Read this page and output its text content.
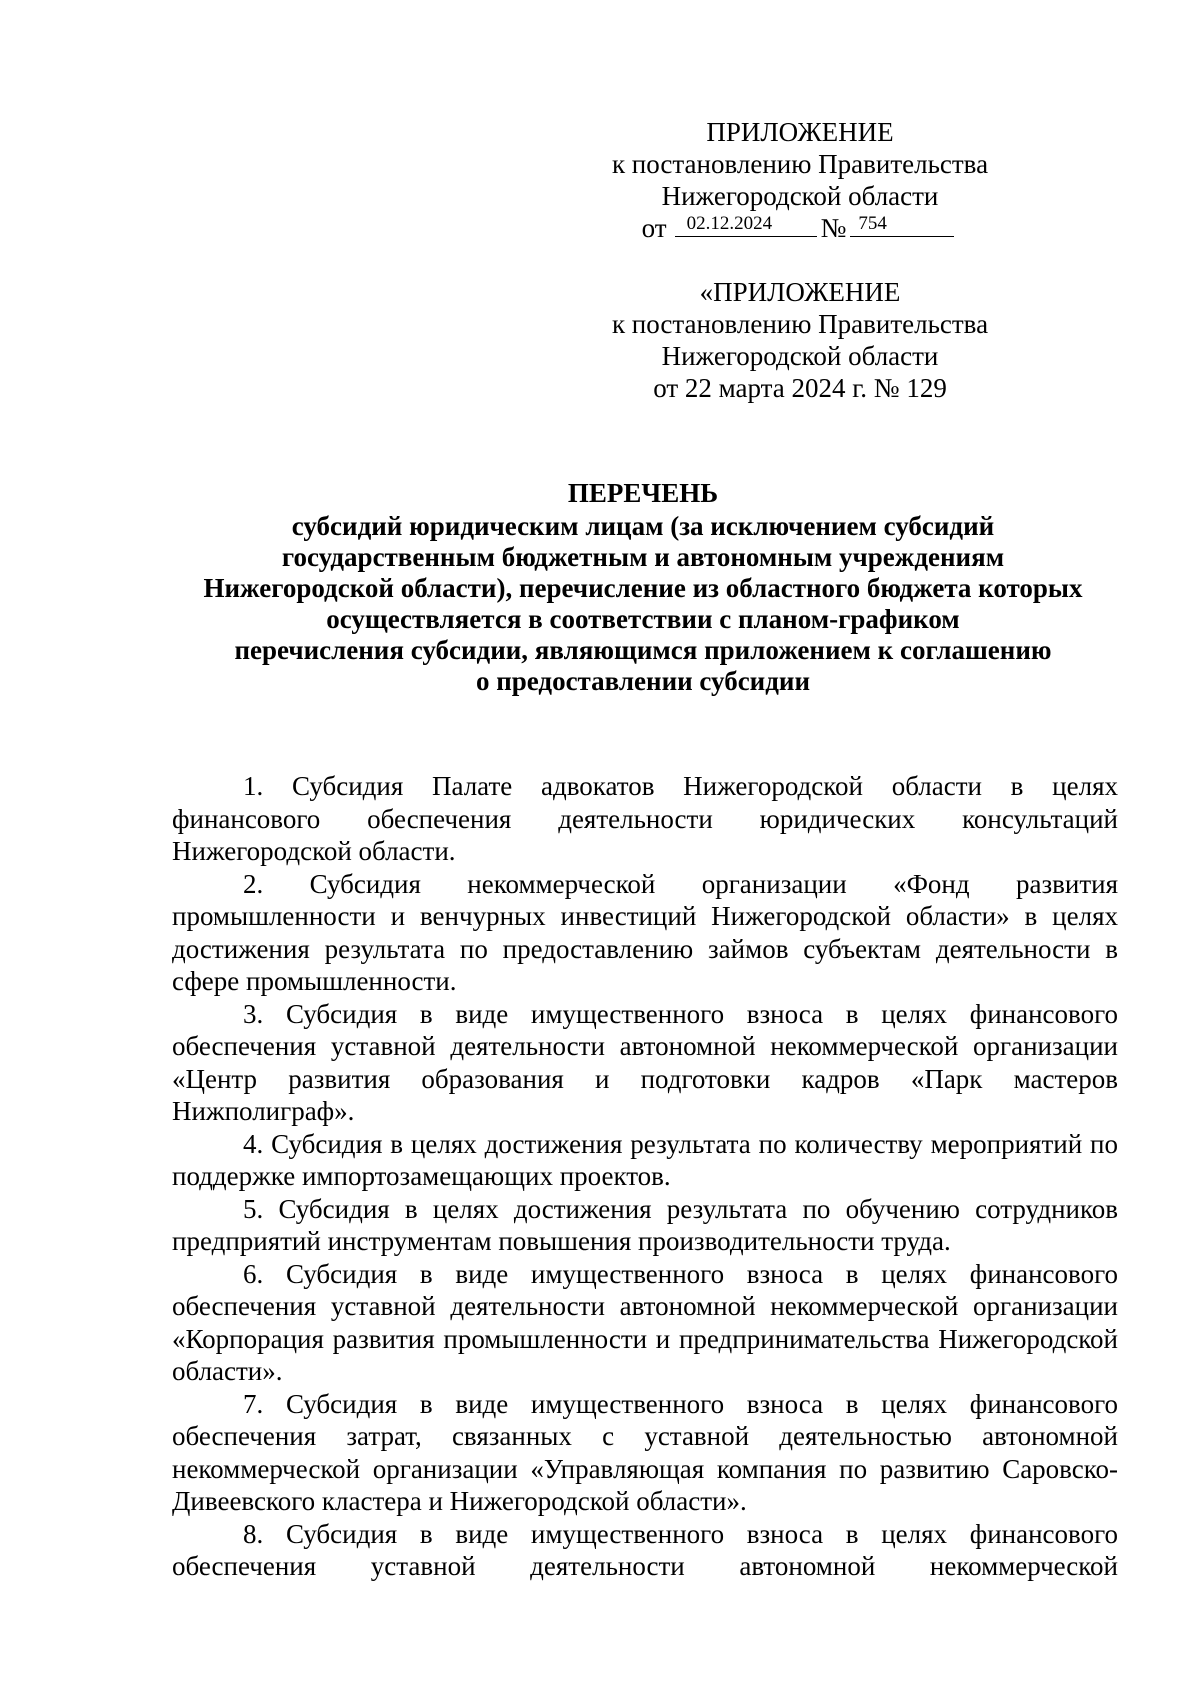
ПРИЛОЖЕНИЕ
к постановлению Правительства
Нижегородской области
от	02.12.2024	№ 754
«ПРИЛОЖЕНИЕ
к постановлению Правительства
Нижегородской области
от 22 марта 2024 г. № 129
ПЕРЕЧЕНЬ
субсидий юридическим лицам (за исключением субсидий
государственным бюджетным и автономным учреждениям
Нижегородской области), перечисление из областного бюджета которых
осуществляется в соответствии с планом-графиком
перечисления субсидии, являющимся приложением к соглашению
о предоставлении субсидии

1. Субсидия Палате адвокатов Нижегородской области в целях финансового обеспечения деятельности юридических консультаций Нижегородской области.

2. Субсидия некоммерческой организации «Фонд развития промышленности и венчурных инвестиций Нижегородской области» в целях достижения результата по предоставлению займов субъектам деятельности в сфере промышленности.

3. Субсидия в виде имущественного взноса в целях финансового обеспечения уставной деятельности автономной некоммерческой организации «Центр развития образования и подготовки кадров «Парк мастеров Нижполиграф».

4. Субсидия в целях достижения результата по количеству мероприятий по поддержке импортозамещающих проектов.

5. Субсидия в целях достижения результата по обучению сотрудников предприятий инструментам повышения производительности труда.

6. Субсидия в виде имущественного взноса в целях финансового обеспечения уставной деятельности автономной некоммерческой организации «Корпорация развития промышленности и предпринимательства Нижегородской области».

7. Субсидия в виде имущественного взноса в целях финансового обеспечения затрат, связанных с уставной деятельностью автономной некоммерческой организации «Управляющая компания по развитию Саровско-Дивеевского кластера и Нижегородской области».

8. Субсидия в виде имущественного взноса в целях финансового обеспечения уставной деятельности автономной некоммерческой
